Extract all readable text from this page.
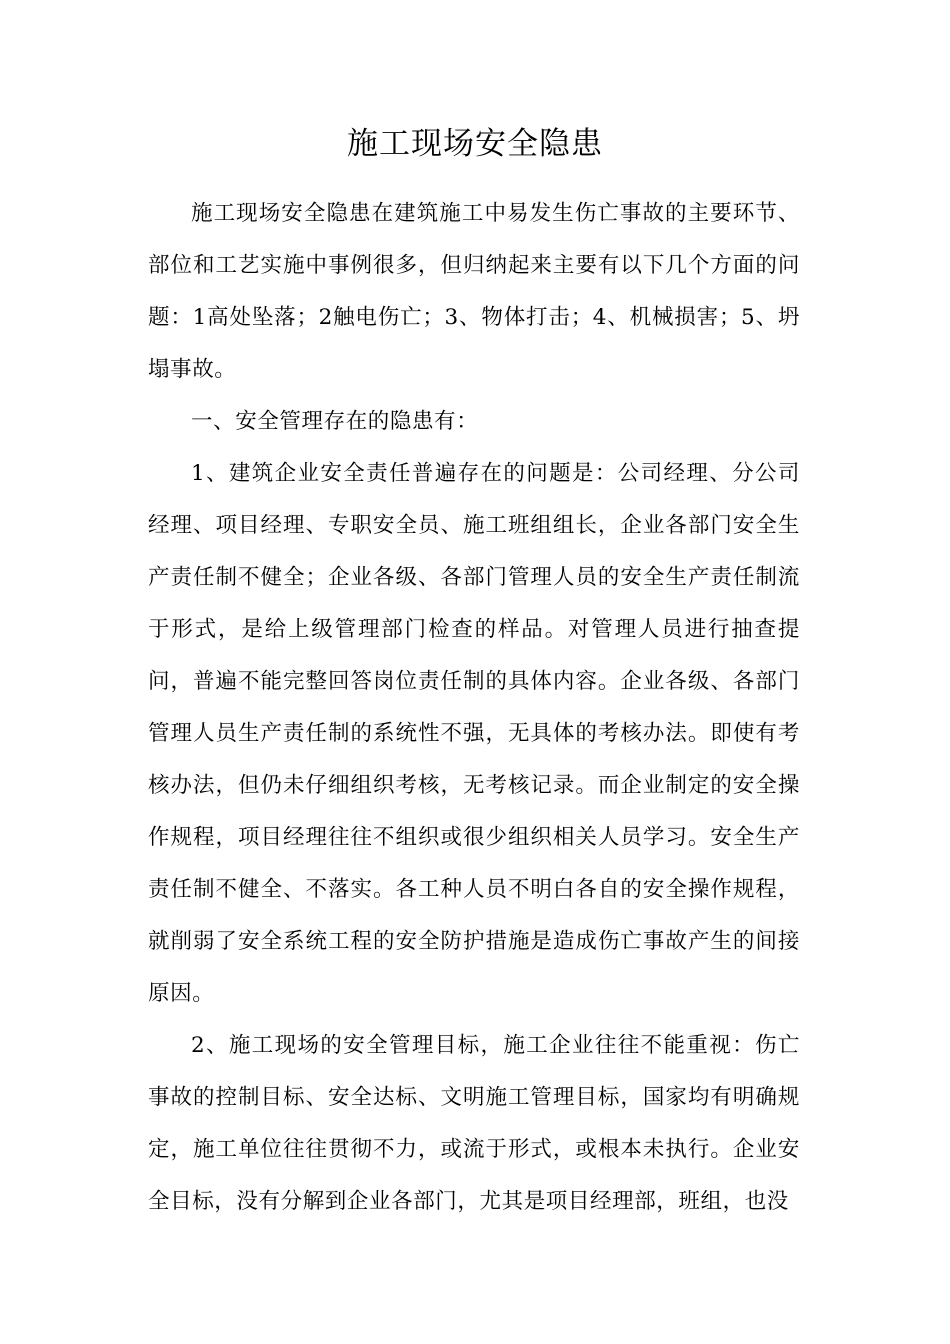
施工现场安全隐患

施工现场安全隐患在建筑施工中易发生伤亡事故的主要环节、部位和工艺实施中事例很多，但归纳起来主要有以下几个方面的问题：1高处坠落；2触电伤亡；3、物体打击；4、机械损害；5、坍塌事故。

一、安全管理存在的隐患有：

1、建筑企业安全责任普遍存在的问题是：公司经理、分公司经理、项目经理、专职安全员、施工班组组长，企业各部门安全生产责任制不健全；企业各级、各部门管理人员的安全生产责任制流于形式，是给上级管理部门检查的样品。对管理人员进行抽查提问，普遍不能完整回答岗位责任制的具体内容。企业各级、各部门管理人员生产责任制的系统性不强，无具体的考核办法。即使有考核办法，但仍未仔细组织考核，无考核记录。而企业制定的安全操作规程，项目经理往往不组织或很少组织相关人员学习。安全生产责任制不健全、不落实。各工种人员不明白各自的安全操作规程，就削弱了安全系统工程的安全防护措施是造成伤亡事故产生的间接原因。

2、施工现场的安全管理目标，施工企业往往不能重视：伤亡事故的控制目标、安全达标、文明施工管理目标，国家均有明确规定，施工单位往往贯彻不力，或流于形式，或根本未执行。企业安全目标，没有分解到企业各部门，尤其是项目经理部，班组，也没
